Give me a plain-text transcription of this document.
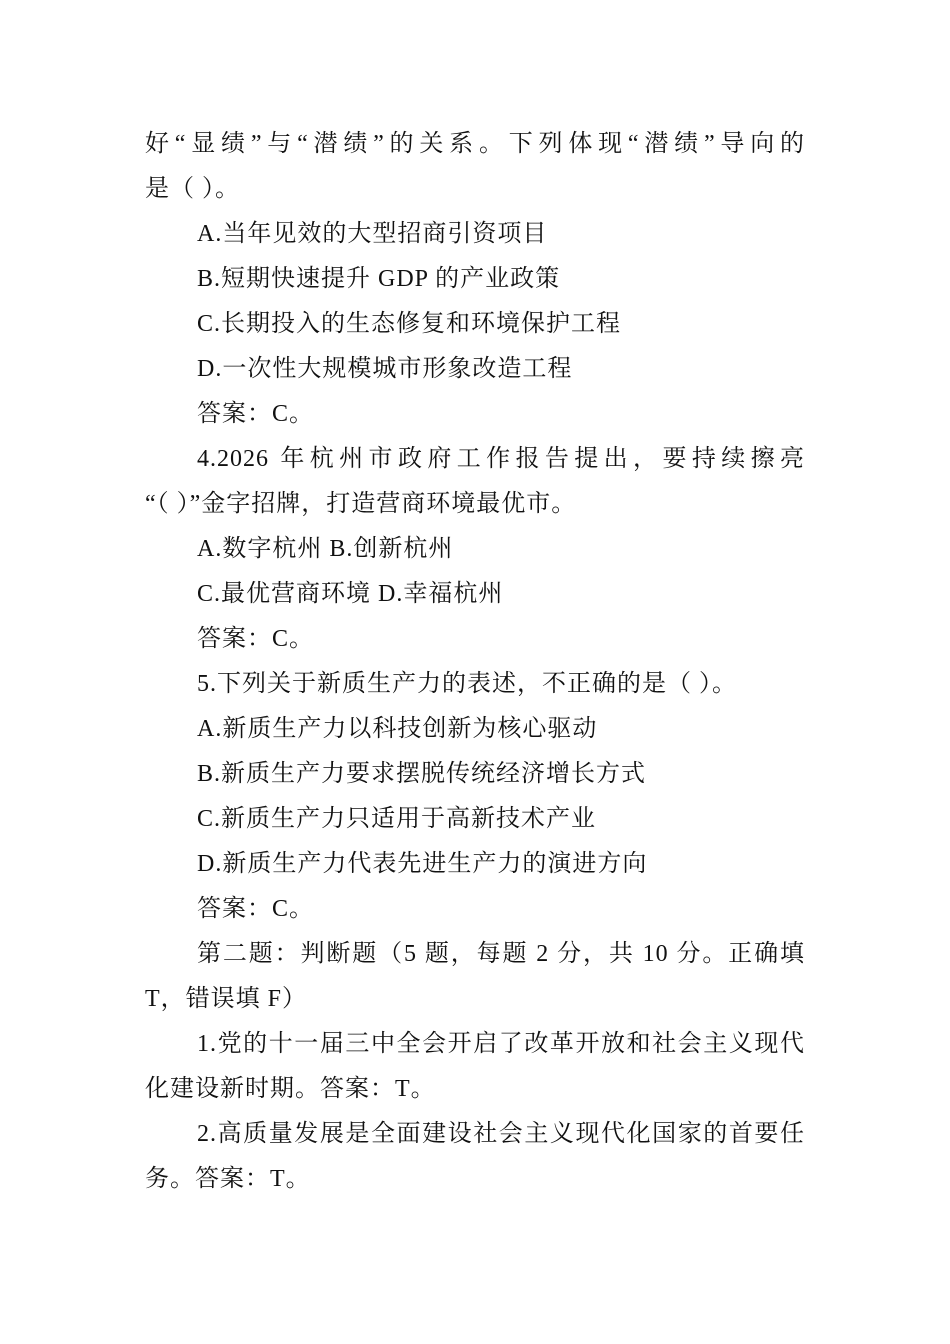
好“显绩”与“潜绩”的关系。下列体现“潜绩”导向的
是（ ）。
A.当年见效的大型招商引资项目
B.短期快速提升 GDP 的产业政策
C.长期投入的生态修复和环境保护工程
D.一次性大规模城市形象改造工程
答案：C。
4.2026 年杭州市政府工作报告提出，要持续擦亮
“（ ）”金字招牌，打造营商环境最优市。
A.数字杭州 B.创新杭州
C.最优营商环境 D.幸福杭州
答案：C。
5.下列关于新质生产力的表述，不正确的是（ ）。
A.新质生产力以科技创新为核心驱动
B.新质生产力要求摆脱传统经济增长方式
C.新质生产力只适用于高新技术产业
D.新质生产力代表先进生产力的演进方向
答案：C。
第二题：判断题（5 题，每题 2 分，共 10 分。正确填
T，错误填 F）
1.党的十一届三中全会开启了改革开放和社会主义现代
化建设新时期。答案：T。
2.高质量发展是全面建设社会主义现代化国家的首要任
务。答案：T。
